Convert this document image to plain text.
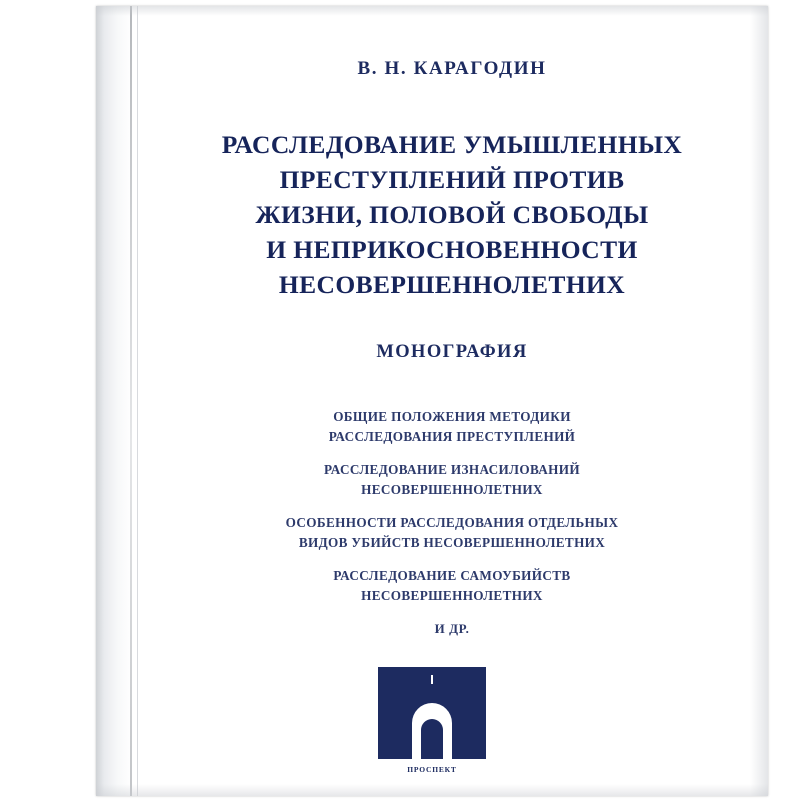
В. Н. КАРАГОДИН
РАССЛЕДОВАНИЕ УМЫШЛЕННЫХ
ПРЕСТУПЛЕНИЙ ПРОТИВ
ЖИЗНИ, ПОЛОВОЙ СВОБОДЫ
И НЕПРИКОСНОВЕННОСТИ
НЕСОВЕРШЕННОЛЕТНИХ
МОНОГРАФИЯ
ОБЩИЕ ПОЛОЖЕНИЯ МЕТОДИКИ
РАССЛЕДОВАНИЯ ПРЕСТУПЛЕНИЙ
РАССЛЕДОВАНИЕ ИЗНАСИЛОВАНИЙ
НЕСОВЕРШЕННОЛЕТНИХ
ОСОБЕННОСТИ РАССЛЕДОВАНИЯ ОТДЕЛЬНЫХ
ВИДОВ УБИЙСТВ НЕСОВЕРШЕННОЛЕТНИХ
РАССЛЕДОВАНИЕ САМОУБИЙСТВ
НЕСОВЕРШЕННОЛЕТНИХ
И ДР.
ПРОСПЕКТ
